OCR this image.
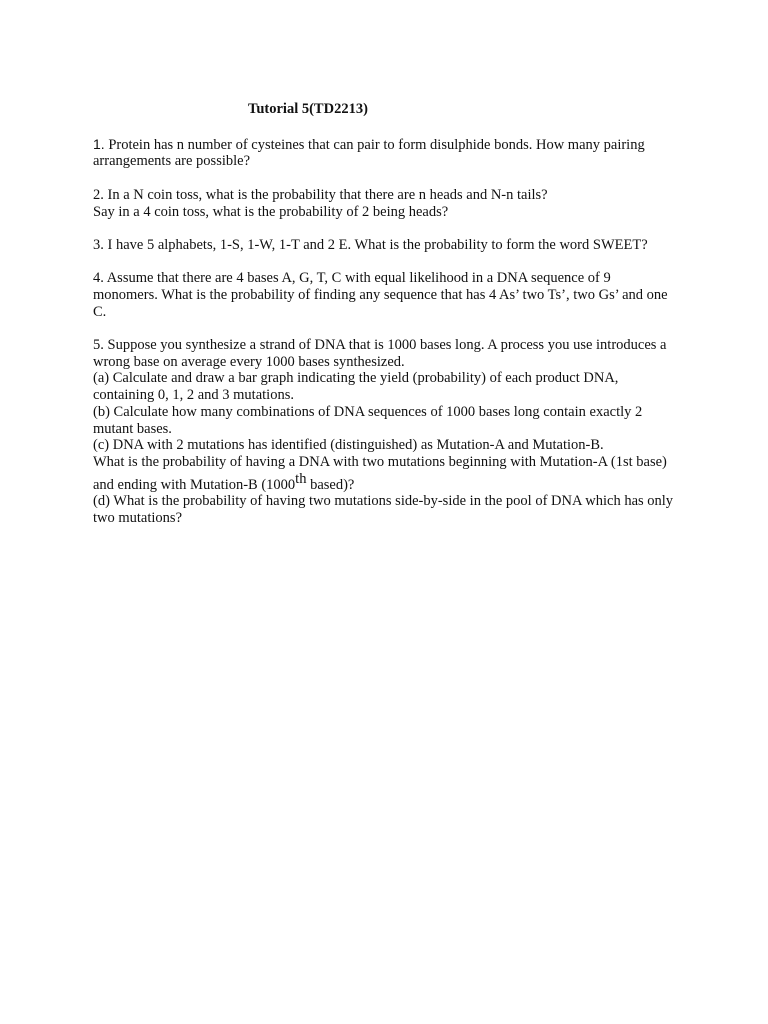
Tutorial 5(TD2213)

1. Protein has n number of cysteines that can pair to form disulphide bonds. How many pairing arrangements are possible?

2. In a N coin toss, what is the probability that there are n heads and N-n tails?

Say in a 4 coin toss, what is the probability of 2 being heads?

3. I have 5 alphabets, 1-S, 1-W, 1-T and 2 E. What is the probability to form the word SWEET?

4. Assume that there are 4 bases A, G, T, C with equal likelihood in a DNA sequence of 9 monomers. What is the probability of finding any sequence that has 4 As’ two Ts’, two Gs’ and one C.

5. Suppose you synthesize a strand of DNA that is 1000 bases long. A process you use introduces a wrong base on average every 1000 bases synthesized.

(a) Calculate and draw a bar graph indicating the yield (probability) of each product DNA, containing 0, 1, 2 and 3 mutations.

(b) Calculate how many combinations of DNA sequences of 1000 bases long contain exactly 2 mutant bases.

(c) DNA with 2 mutations has identified (distinguished) as Mutation-A and Mutation-B.

What is the probability of having a DNA with two mutations beginning with Mutation-A (1st base) and ending with Mutation-B (1000th based)?

(d) What is the probability of having two mutations side-by-side in the pool of DNA which has only two mutations?
